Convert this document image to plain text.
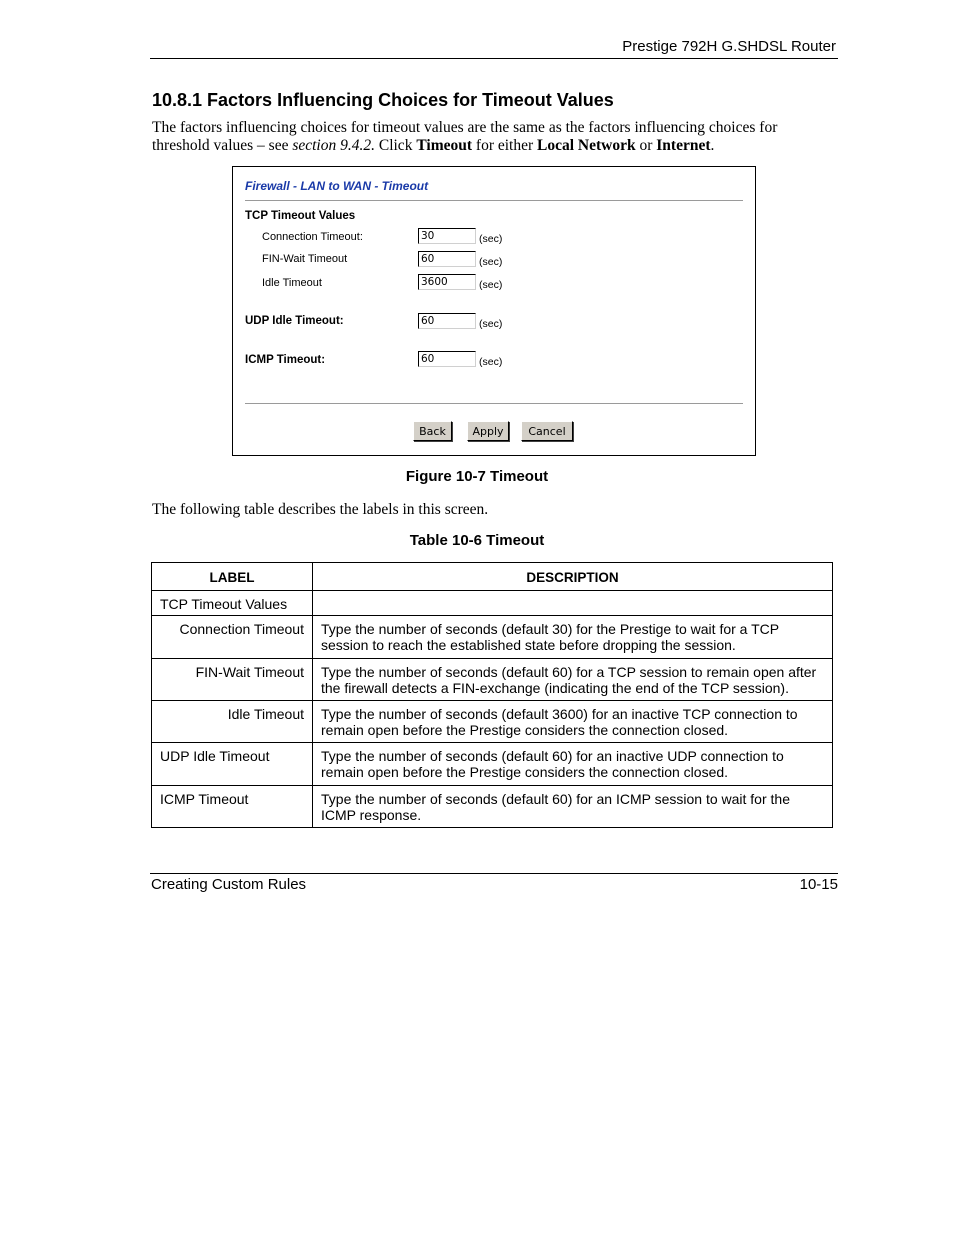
Prestige 792H G.SHDSL Router
10.8.1 Factors Influencing Choices for Timeout Values

The factors influencing choices for timeout values are the same as the factors influencing choices for threshold values – see section 9.4.2. Click Timeout for either Local Network or Internet.

Firewall - LAN to WAN - Timeout
TCP Timeout Values
Connection Timeout:
30	(sec)
FIN-Wait Timeout
60	(sec)
Idle Timeout
3600	(sec)
UDP Idle Timeout:
60	(sec)
ICMP Timeout:
60	(sec)
Back	Apply	Cancel
Figure 10-7 Timeout

The following table describes the labels in this screen.

Table 10-6 Timeout
LABEL	DESCRIPTION
TCP Timeout Values	
Connection Timeout	Type the number of seconds (default 30) for the Prestige to wait for a TCP session to reach the established state before dropping the session.
FIN-Wait Timeout	Type the number of seconds (default 60) for a TCP session to remain open after the firewall detects a FIN-exchange (indicating the end of the TCP session).
Idle Timeout	Type the number of seconds (default 3600) for an inactive TCP connection to remain open before the Prestige considers the connection closed.
UDP Idle Timeout	Type the number of seconds (default 60) for an inactive UDP connection to remain open before the Prestige considers the connection closed.
ICMP Timeout	Type the number of seconds (default 60) for an ICMP session to wait for the ICMP response.
Creating Custom Rules	10-15
